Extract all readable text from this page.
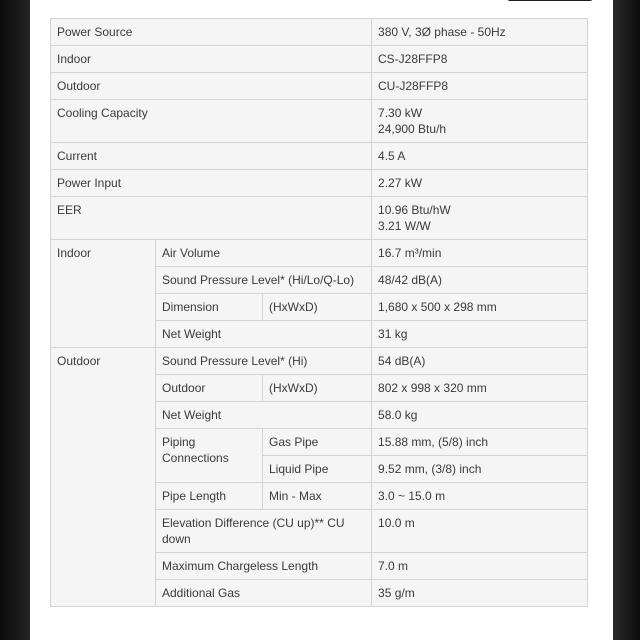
Power Source			380 V, 3Ø phase - 50Hz
Indoor			CS-J28FFP8
Outdoor			CU-J28FFP8
Cooling Capacity			7.30 kW
24,900 Btu/h

Current			4.5 A
Power Input			2.27 kW
EER			10.96 Btu/hW
3.21 W/W

Indoor	Air Volume		16.7 m³/min
	Sound Pressure Level* (Hi/Lo/Q-Lo)		48/42 dB(A)
	Dimension	(HxWxD)	1,680 x 500 x 298 mm
	Net Weight		31 kg
Outdoor	Sound Pressure Level* (Hi)		54 dB(A)
	Outdoor	(HxWxD)	802 x 998 x 320 mm
	Net Weight		58.0 kg
	Piping Connections	Gas Pipe	15.88 mm, (5/8) inch
		Liquid Pipe	9.52 mm, (3/8) inch
	Pipe Length	Min - Max	3.0 ~ 15.0 m
	Elevation Difference (CU up)** CU down		10.0 m
	Maximum Chargeless Length		7.0 m
	Additional Gas		35 g/m
